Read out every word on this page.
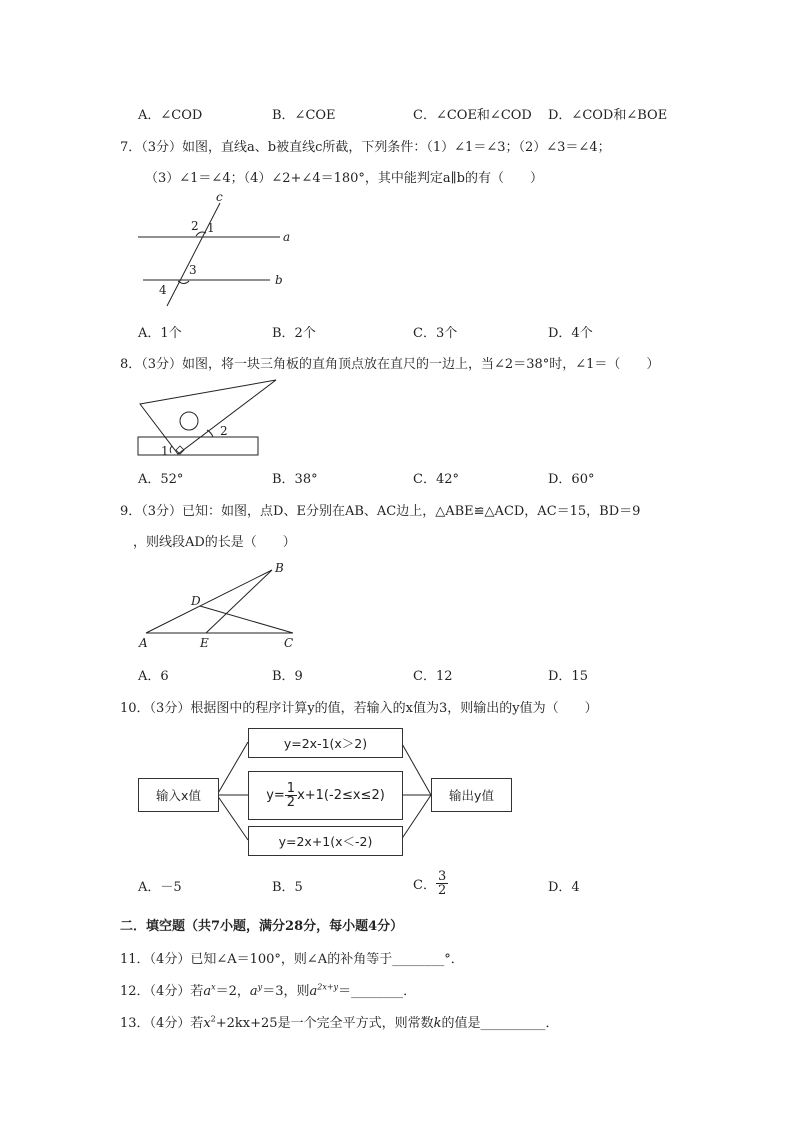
A．∠COD	B．∠COE	C．∠COE和∠COD D．∠COD和∠BOE
7．（3分）如图，直线a、b被直线c所截，下列条件：（1）∠1＝∠3；（2）∠3＝∠4；
（3）∠1＝∠4；（4）∠2+∠4＝180°，其中能判定a∥b的有（　　）
c
a
b
2 1
3
4
A．1个	B．2个	C．3个	D．4个
8．（3分）如图，将一块三角板的直角顶点放在直尺的一边上，当∠2＝38°时，∠1＝（　　）
2
1
A．52°	B．38°	C．42°	D．60°
9．（3分）已知：如图，点D、E分别在AB、AC边上，△ABE≌△ACD，AC＝15，BD＝9
，则线段AD的长是（　　）
A
B
C
D
E
A．6	B．9	C．12	D．15
10．（3分）根据图中的程序计算y的值，若输入的x值为3，则输出的y值为（　　）
输入x值	输出y值
y=2x-1(x＞2)
$y= \frac{1}{2} x+1(-2\le x\le 2)$
y=2x+1(x＜-2)
A．－5	B．5	C． $\frac{3}{2}$	D．4
二．填空题（共7小题，满分28分，每小题4分）
11．（4分）已知∠A＝100°，则∠A的补角等于________°．
12．（4分）若$a^x=2$，$a^y=3$，则$a^{2x+y}=\_\_\_\_\_\_\_\_$．
13．（4分）若$x^2+2kx+25$是一个完全平方式，则常数k的值是__________．
